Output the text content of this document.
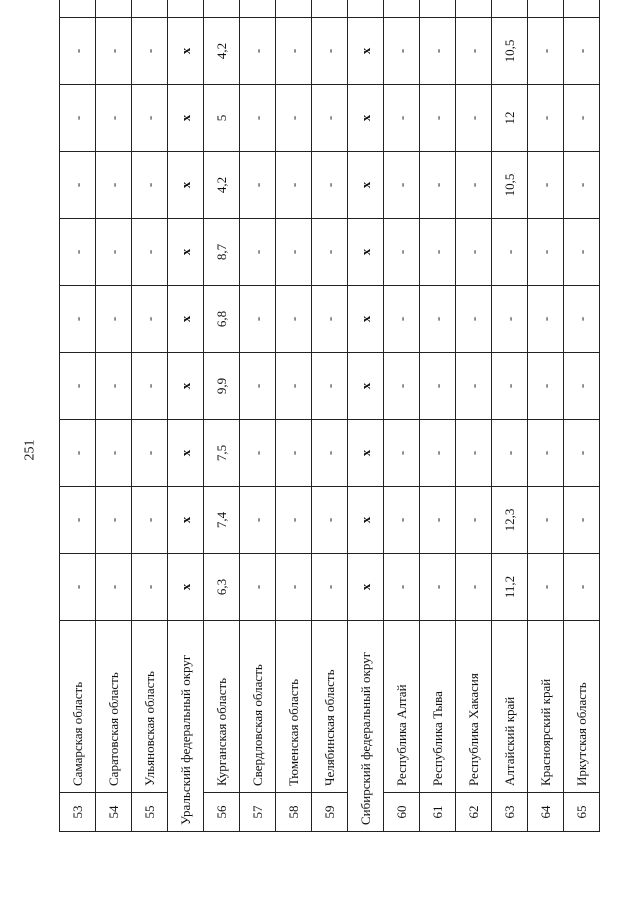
251
53	Самарская область	-	-	-	-	-	-	-	-	-	
54	Саратовская область	-	-	-	-	-	-	-	-	-	
55	Ульяновская область	-	-	-	-	-	-	-	-	-	
Уральский федеральный округ		x	x	x	x	x	x	x	x	x	
56	Курганская область	6,3	7,4	7,5	9,9	6,8	8,7	4,2	5	4,2	
57	Свердловская область	-	-	-	-	-	-	-	-	-	
58	Тюменская область	-	-	-	-	-	-	-	-	-	
59	Челябинская область	-	-	-	-	-	-	-	-	-	
Сибирский федеральный округ		x	x	x	x	x	x	x	x	x	
60	Республика Алтай	-	-	-	-	-	-	-	-	-	
61	Республика Тыва	-	-	-	-	-	-	-	-	-	
62	Республика Хакасия	-	-	-	-	-	-	-	-	-	
63	Алтайский край	11,2	12,3	-	-	-	-	10,5	12	10,5	
64	Красноярский край	-	-	-	-	-	-	-	-	-	
65	Иркутская область	-	-	-	-	-	-	-	-	-	
